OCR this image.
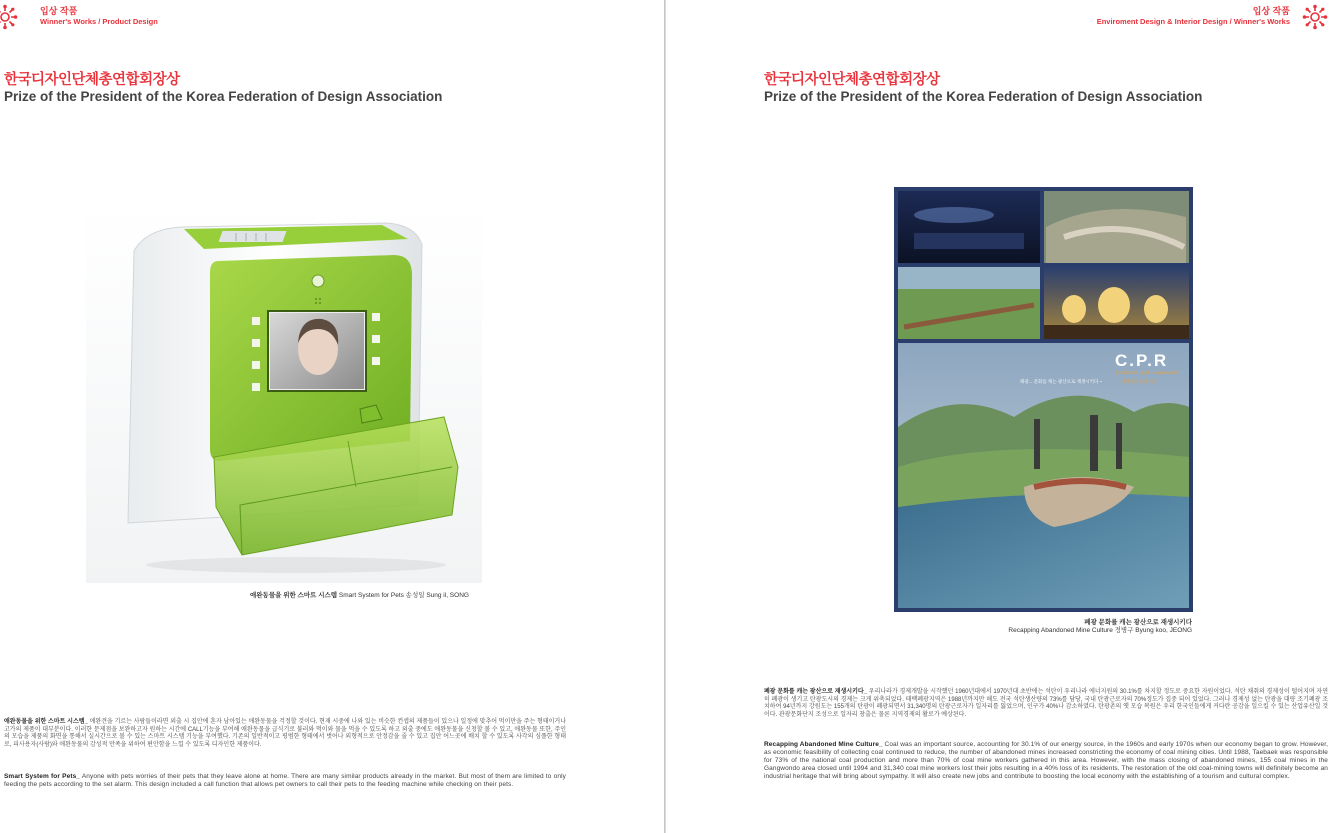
입상 작품
Winner's Works / Product Design
한국디자인단체총연합회장상
Prize of the President of the Korea Federation of Design Association
애완동물을 위한 스마트 시스템 Smart System for Pets 송성일 Sung il, SONG
애완동물을 위한 스마트 시스템_ 애완견을 기르는 사람들이라면 외출 시 집안에 혼자 남아있는 애완동물을 걱정할 것이다. 현재 시중에 나와 있는 비슷한 컨셉의 제품들이 있으나 일정에 맞추어 먹이만을 주는 형태이거나 고가의 제품이 대부분이다. 이러한 문제점을 보완하고자 원하는 시간에 CALL기능을 부여해 애완동물을 급식기로 불러와 먹이와 물을 먹을 수 있도록 하고 외출 중에도 애완동물을 신청할 볼 수 있고, 애완동물 또한, 주인의 모습을 제품의 화면을 통해서 실시간으로 볼 수 있는 스마트 시스템 기능을 부여했다. 기존의 일반적이고 평범한 형태에서 벗어나 외형적으로 안정감을 줄 수 있고 집안 어느곳에 배치 할 수 있도록 사각의 심플한 형태로, 피사용자(사람)와 애완동물의 감성적 만족을 위하여 편안함을 느낄 수 있도록 디자인한 제품이다.
Smart System for Pets_ Anyone with pets worries of their pets that they leave alone at home. There are many similar products already in the market. But most of them are limited to only feeding the pets according to the set alarm. This design included a call function that allows pet owners to call their pets to the feeding machine while checking on their pets.
입상 작품
Enviroment Design & Interior Design / Winner's Works
한국디자인단체총연합회장상
Prize of the President of the Korea Federation of Design Association
C.P.R
[ coal mine · park · regeneration ]
폐광... 문화를 캐는 광산으로 재생시키다 ~	역사문화공원 재단
폐광 문화를 캐는 광산으로 재생시키다
Recapping Abandoned Mine Culture 정병구 Byung koo, JEONG
폐광 문화를 캐는 광산으로 재생시키다_ 우리나라가 경제개발을 시작했던 1960년대에서 1970년대 초반에는 석탄이 우리나라 에너지원의 30.1%를 차지할 정도로 중요한 자원이었다. 석탄 채취의 경제성이 떨어지며 자연히 폐광이 생기고 탄광도시의 경제는 크게 위축되었다. 태백폐광지역은 1988년까지만 해도 전국 석탄생산량의 73%를 담당, 국내 탄광근로자의 70%정도가 집중 되어 있었다. 그러나 경제성 없는 탄광을 대량 조기폐광 조치하여 94년까지 강원도는 155개의 탄광이 폐광되면서 31,340명의 탄광근로자가 일자리를 잃었으며, 인구가 40%나 감소하였다. 탄광촌의 옛 모습 복원은 우리 한국인들에게 커다란 공감을 일으킬 수 있는 산업유산일 것이다. 관광문화단지 조성으로 일자리 창출은 물론 지역경제의 활로가 예상된다.
Recapping Abandoned Mine Culture_ Coal was an important source, accounting for 30.1% of our energy source, in the 1960s and early 1970s when our economy began to grow. However, as economic feasibility of collecting coal continued to reduce, the number of abandoned mines increased constricting the economy of coal mining cities. Until 1988, Taebaek was responsible for 73% of the national coal production and more than 70% of coal mine workers gathered in this area. However, with the mass closing of abandoned mines, 155 coal mines in the Gangwondo area closed until 1994 and 31,340 coal mine workers lost their jobs resulting in a 40% loss of its residents. The restoration of the old coal-mining towns will definitely become an industrial heritage that will bring about sympathy. It will also create new jobs and contribute to boosting the local economy with the establishing of a tourism and cultural complex.
